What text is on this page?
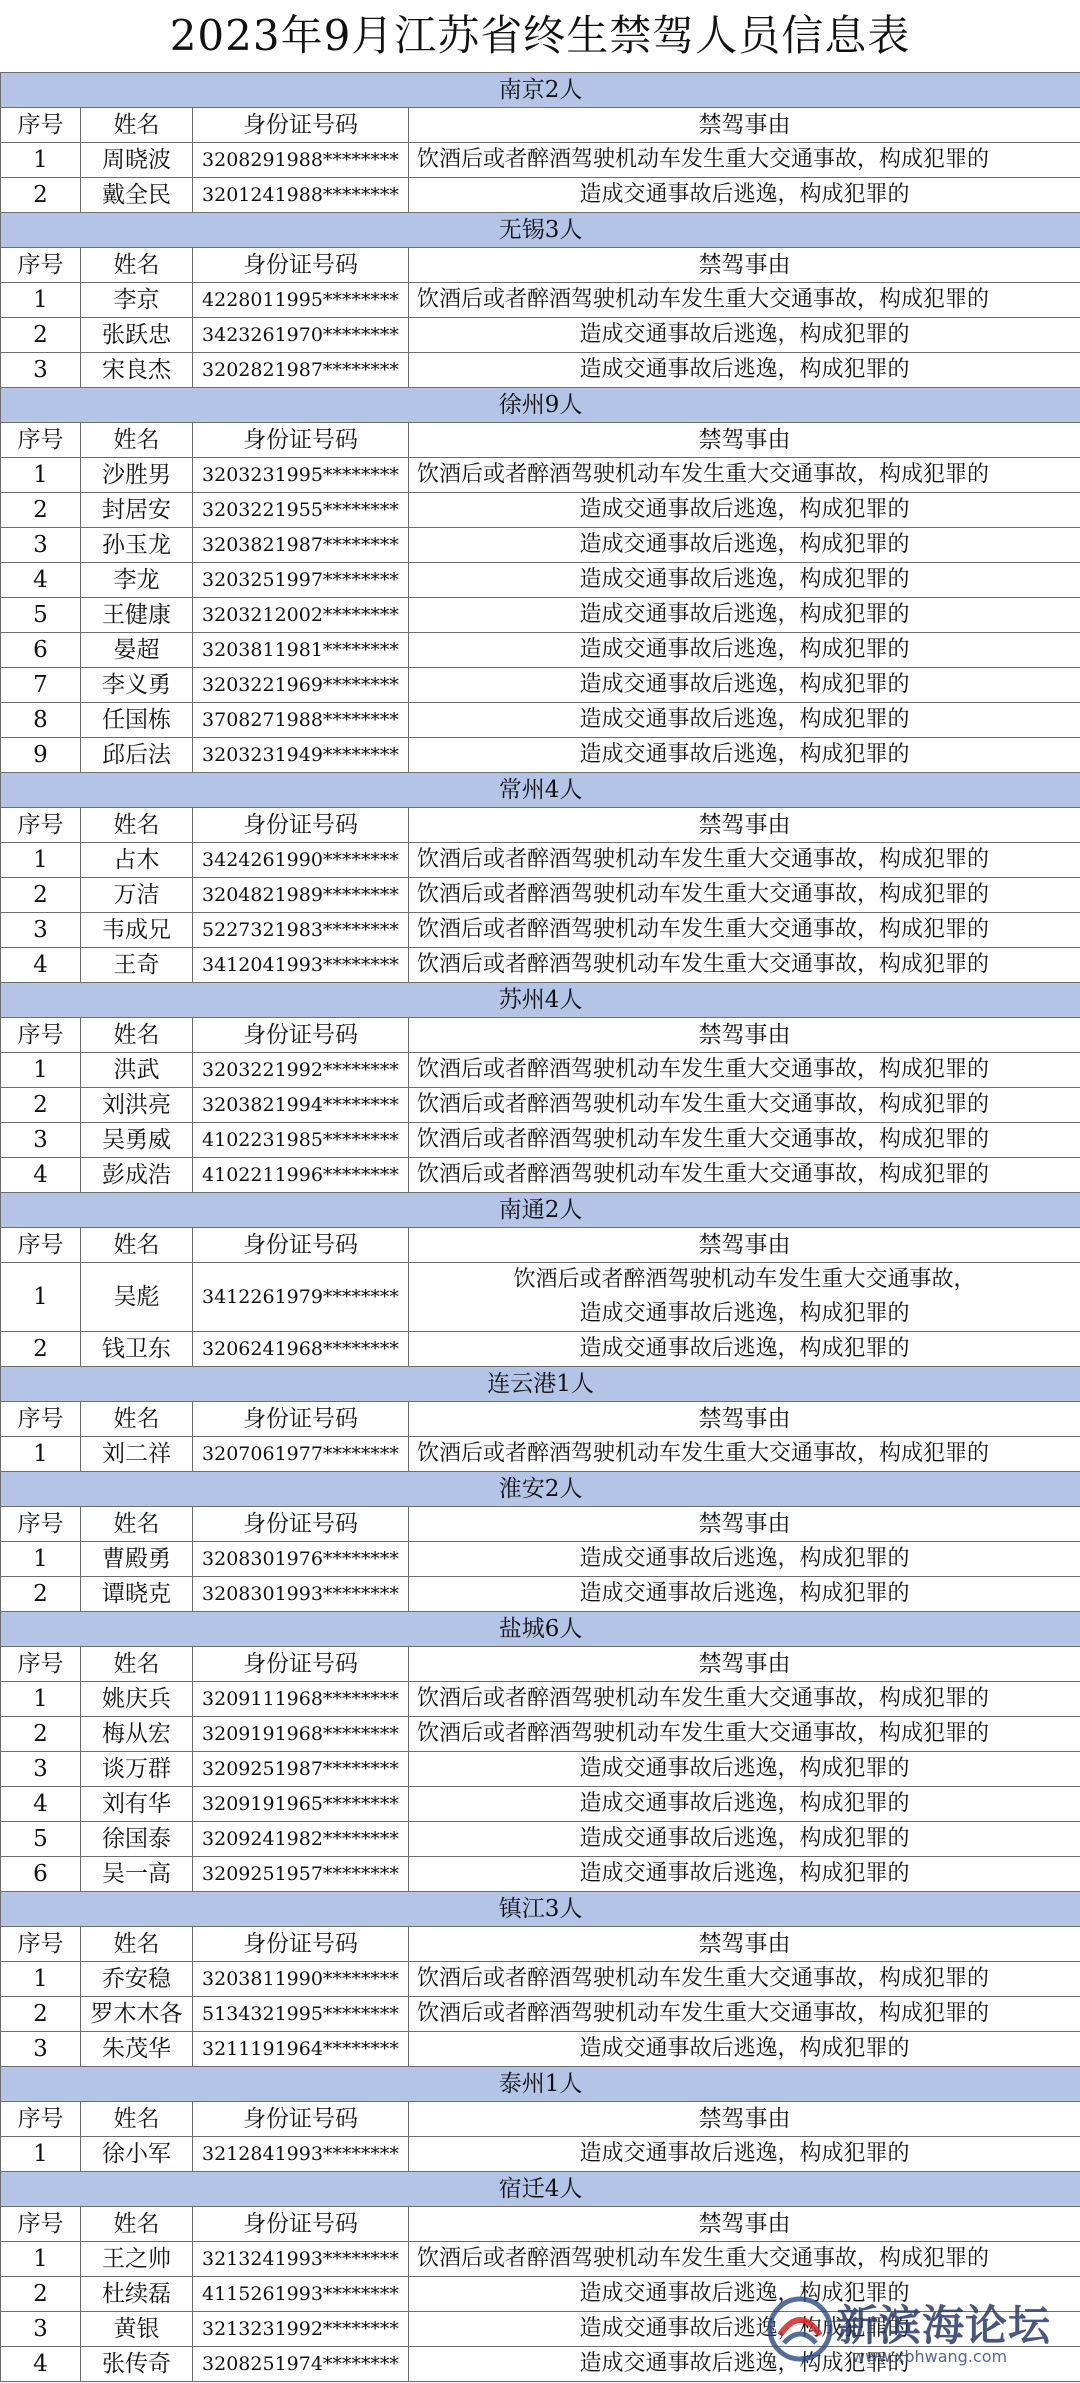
2023年9月江苏省终生禁驾人员信息表
南京2人			
序号	姓名	身份证号码	禁驾事由
1	周晓波	3208291988********	饮酒后或者醉酒驾驶机动车发生重大交通事故，构成犯罪的
2	戴全民	3201241988********	造成交通事故后逃逸，构成犯罪的
无锡3人			
序号	姓名	身份证号码	禁驾事由
1	李京	4228011995********	饮酒后或者醉酒驾驶机动车发生重大交通事故，构成犯罪的
2	张跃忠	3423261970********	造成交通事故后逃逸，构成犯罪的
3	宋良杰	3202821987********	造成交通事故后逃逸，构成犯罪的
徐州9人			
序号	姓名	身份证号码	禁驾事由
1	沙胜男	3203231995********	饮酒后或者醉酒驾驶机动车发生重大交通事故，构成犯罪的
2	封居安	3203221955********	造成交通事故后逃逸，构成犯罪的
3	孙玉龙	3203821987********	造成交通事故后逃逸，构成犯罪的
4	李龙	3203251997********	造成交通事故后逃逸，构成犯罪的
5	王健康	3203212002********	造成交通事故后逃逸，构成犯罪的
6	晏超	3203811981********	造成交通事故后逃逸，构成犯罪的
7	李义勇	3203221969********	造成交通事故后逃逸，构成犯罪的
8	任国栋	3708271988********	造成交通事故后逃逸，构成犯罪的
9	邱后法	3203231949********	造成交通事故后逃逸，构成犯罪的
常州4人			
序号	姓名	身份证号码	禁驾事由
1	占木	3424261990********	饮酒后或者醉酒驾驶机动车发生重大交通事故，构成犯罪的
2	万洁	3204821989********	饮酒后或者醉酒驾驶机动车发生重大交通事故，构成犯罪的
3	韦成兄	5227321983********	饮酒后或者醉酒驾驶机动车发生重大交通事故，构成犯罪的
4	王奇	3412041993********	饮酒后或者醉酒驾驶机动车发生重大交通事故，构成犯罪的
苏州4人			
序号	姓名	身份证号码	禁驾事由
1	洪武	3203221992********	饮酒后或者醉酒驾驶机动车发生重大交通事故，构成犯罪的
2	刘洪亮	3203821994********	饮酒后或者醉酒驾驶机动车发生重大交通事故，构成犯罪的
3	吴勇威	4102231985********	饮酒后或者醉酒驾驶机动车发生重大交通事故，构成犯罪的
4	彭成浩	4102211996********	饮酒后或者醉酒驾驶机动车发生重大交通事故，构成犯罪的
南通2人			
序号	姓名	身份证号码	禁驾事由
1	吴彪	3412261979********	饮酒后或者醉酒驾驶机动车发生重大交通事故，
造成交通事故后逃逸，构成犯罪的

2	钱卫东	3206241968********	造成交通事故后逃逸，构成犯罪的
连云港1人			
序号	姓名	身份证号码	禁驾事由
1	刘二祥	3207061977********	饮酒后或者醉酒驾驶机动车发生重大交通事故，构成犯罪的
淮安2人			
序号	姓名	身份证号码	禁驾事由
1	曹殿勇	3208301976********	造成交通事故后逃逸，构成犯罪的
2	谭晓克	3208301993********	造成交通事故后逃逸，构成犯罪的
盐城6人			
序号	姓名	身份证号码	禁驾事由
1	姚庆兵	3209111968********	饮酒后或者醉酒驾驶机动车发生重大交通事故，构成犯罪的
2	梅从宏	3209191968********	饮酒后或者醉酒驾驶机动车发生重大交通事故，构成犯罪的
3	谈万群	3209251987********	造成交通事故后逃逸，构成犯罪的
4	刘有华	3209191965********	造成交通事故后逃逸，构成犯罪的
5	徐国泰	3209241982********	造成交通事故后逃逸，构成犯罪的
6	吴一高	3209251957********	造成交通事故后逃逸，构成犯罪的
镇江3人			
序号	姓名	身份证号码	禁驾事由
1	乔安稳	3203811990********	饮酒后或者醉酒驾驶机动车发生重大交通事故，构成犯罪的
2	罗木木各	5134321995********	饮酒后或者醉酒驾驶机动车发生重大交通事故，构成犯罪的
3	朱茂华	3211191964********	造成交通事故后逃逸，构成犯罪的
泰州1人			
序号	姓名	身份证号码	禁驾事由
1	徐小军	3212841993********	造成交通事故后逃逸，构成犯罪的
宿迁4人			
序号	姓名	身份证号码	禁驾事由
1	王之帅	3213241993********	饮酒后或者醉酒驾驶机动车发生重大交通事故，构成犯罪的
2	杜续磊	4115261993********	造成交通事故后逃逸，构成犯罪的
3	黄银	3213231992********	造成交通事故后逃逸，构成犯罪的
4	张传奇	3208251974********	造成交通事故后逃逸，构成犯罪的
新滨海论坛
www.xbhwang.com
